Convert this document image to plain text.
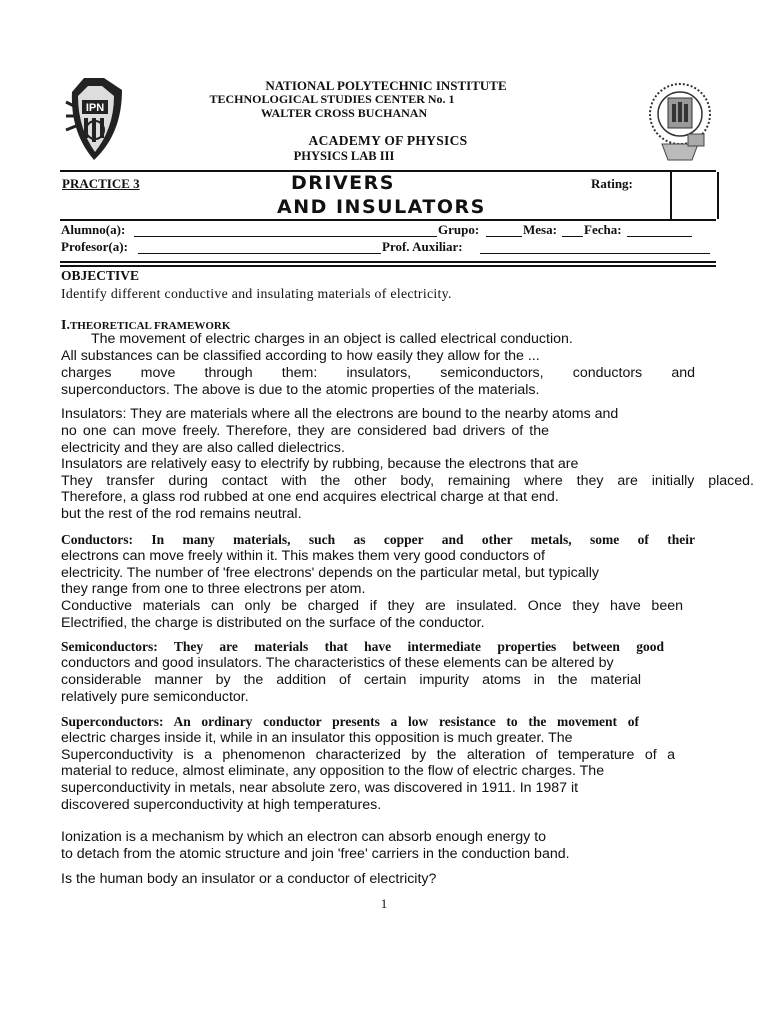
IPN
NATIONAL POLYTECHNIC INSTITUTE
TECHNOLOGICAL STUDIES CENTER No. 1
WALTER CROSS BUCHANAN
ACADEMY OF PHYSICS
PHYSICS LAB III
PRACTICE 3	DRIVERS
AND INSULATORS
Rating:
Alumno(a):	Grupo:	Mesa: Fecha:
Profesor(a):	Prof. Auxiliar:
OBJECTIVE
Identify different conductive and insulating materials of electricity.
I.THEORETICAL FRAMEWORK
The movement of electric charges in an object is called electrical conduction.
All substances can be classified according to how easily they allow for the ...
charges move through them: insulators, semiconductors, conductors and
superconductors. The above is due to the atomic properties of the materials.
Insulators: They are materials where all the electrons are bound to the nearby atoms and
no one can move freely. Therefore, they are considered bad drivers of the
electricity and they are also called dielectrics.
Insulators are relatively easy to electrify by rubbing, because the electrons that are
They transfer during contact with the other body, remaining where they are initially placed.
Therefore, a glass rod rubbed at one end acquires electrical charge at that end.
but the rest of the rod remains neutral.
Conductors: In many materials, such as copper and other metals, some of their
electrons can move freely within it. This makes them very good conductors of
electricity. The number of 'free electrons' depends on the particular metal, but typically
they range from one to three electrons per atom.
Conductive materials can only be charged if they are insulated. Once they have been
Electrified, the charge is distributed on the surface of the conductor.
Semiconductors: They are materials that have intermediate properties between good
conductors and good insulators. The characteristics of these elements can be altered by
considerable manner by the addition of certain impurity atoms in the material
relatively pure semiconductor.
Superconductors: An ordinary conductor presents a low resistance to the movement of
electric charges inside it, while in an insulator this opposition is much greater. The
Superconductivity is a phenomenon characterized by the alteration of temperature of a
material to reduce, almost eliminate, any opposition to the flow of electric charges. The
superconductivity in metals, near absolute zero, was discovered in 1911. In 1987 it
discovered superconductivity at high temperatures.
Ionization is a mechanism by which an electron can absorb enough energy to
to detach from the atomic structure and join 'free' carriers in the conduction band.
Is the human body an insulator or a conductor of electricity?
1
